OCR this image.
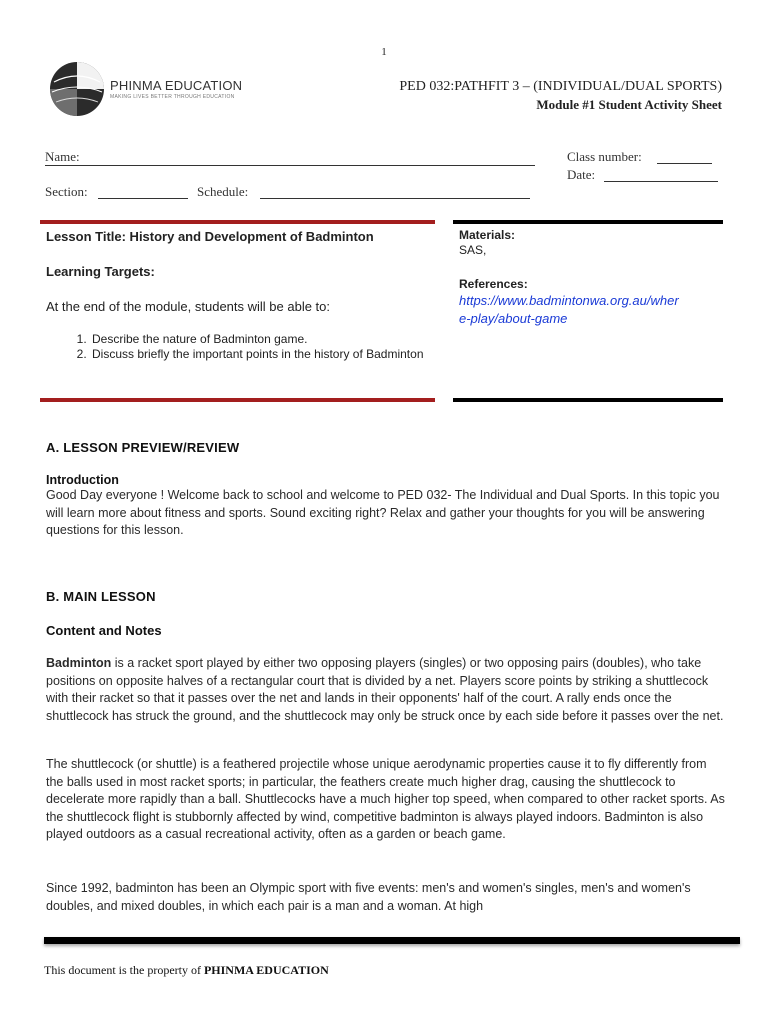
1
PHINMA EDUCATION
MAKING LIVES BETTER THROUGH EDUCATION
PED 032:PATHFIT 3 – (INDIVIDUAL/DUAL SPORTS)
Module #1 Student Activity Sheet
Name:	Class number:
Date:
Section:	Schedule:
Lesson Title: History and Development of Badminton
Learning Targets:
At the end of the module, students will be able to:
1. Describe the nature of Badminton game.
2. Discuss briefly the important points in the history of Badminton
Materials:
SAS,
References:
https://www.badmintonwa.org.au/wher
e-play/about-game
A. LESSON PREVIEW/REVIEW
Introduction
Good Day everyone ! Welcome back to school and welcome to PED 032- The Individual and Dual Sports. In this topic you will learn more about fitness and sports. Sound exciting right? Relax and gather your thoughts for you will be answering questions for this lesson.
B. MAIN LESSON
Content and Notes
Badminton is a racket sport played by either two opposing players (singles) or two opposing pairs (doubles), who take positions on opposite halves of a rectangular court that is divided by a net. Players score points by striking a shuttlecock with their racket so that it passes over the net and lands in their opponents' half of the court. A rally ends once the shuttlecock has struck the ground, and the shuttlecock may only be struck once by each side before it passes over the net.
The shuttlecock (or shuttle) is a feathered projectile whose unique aerodynamic properties cause it to fly differently from the balls used in most racket sports; in particular, the feathers create much higher drag, causing the shuttlecock to decelerate more rapidly than a ball. Shuttlecocks have a much higher top speed, when compared to other racket sports. As the shuttlecock flight is stubbornly affected by wind, competitive badminton is always played indoors. Badminton is also played outdoors as a casual recreational activity, often as a garden or beach game.
Since 1992, badminton has been an Olympic sport with five events: men's and women's singles, men's and women's doubles, and mixed doubles, in which each pair is a man and a woman. At high
This document is the property of PHINMA EDUCATION
